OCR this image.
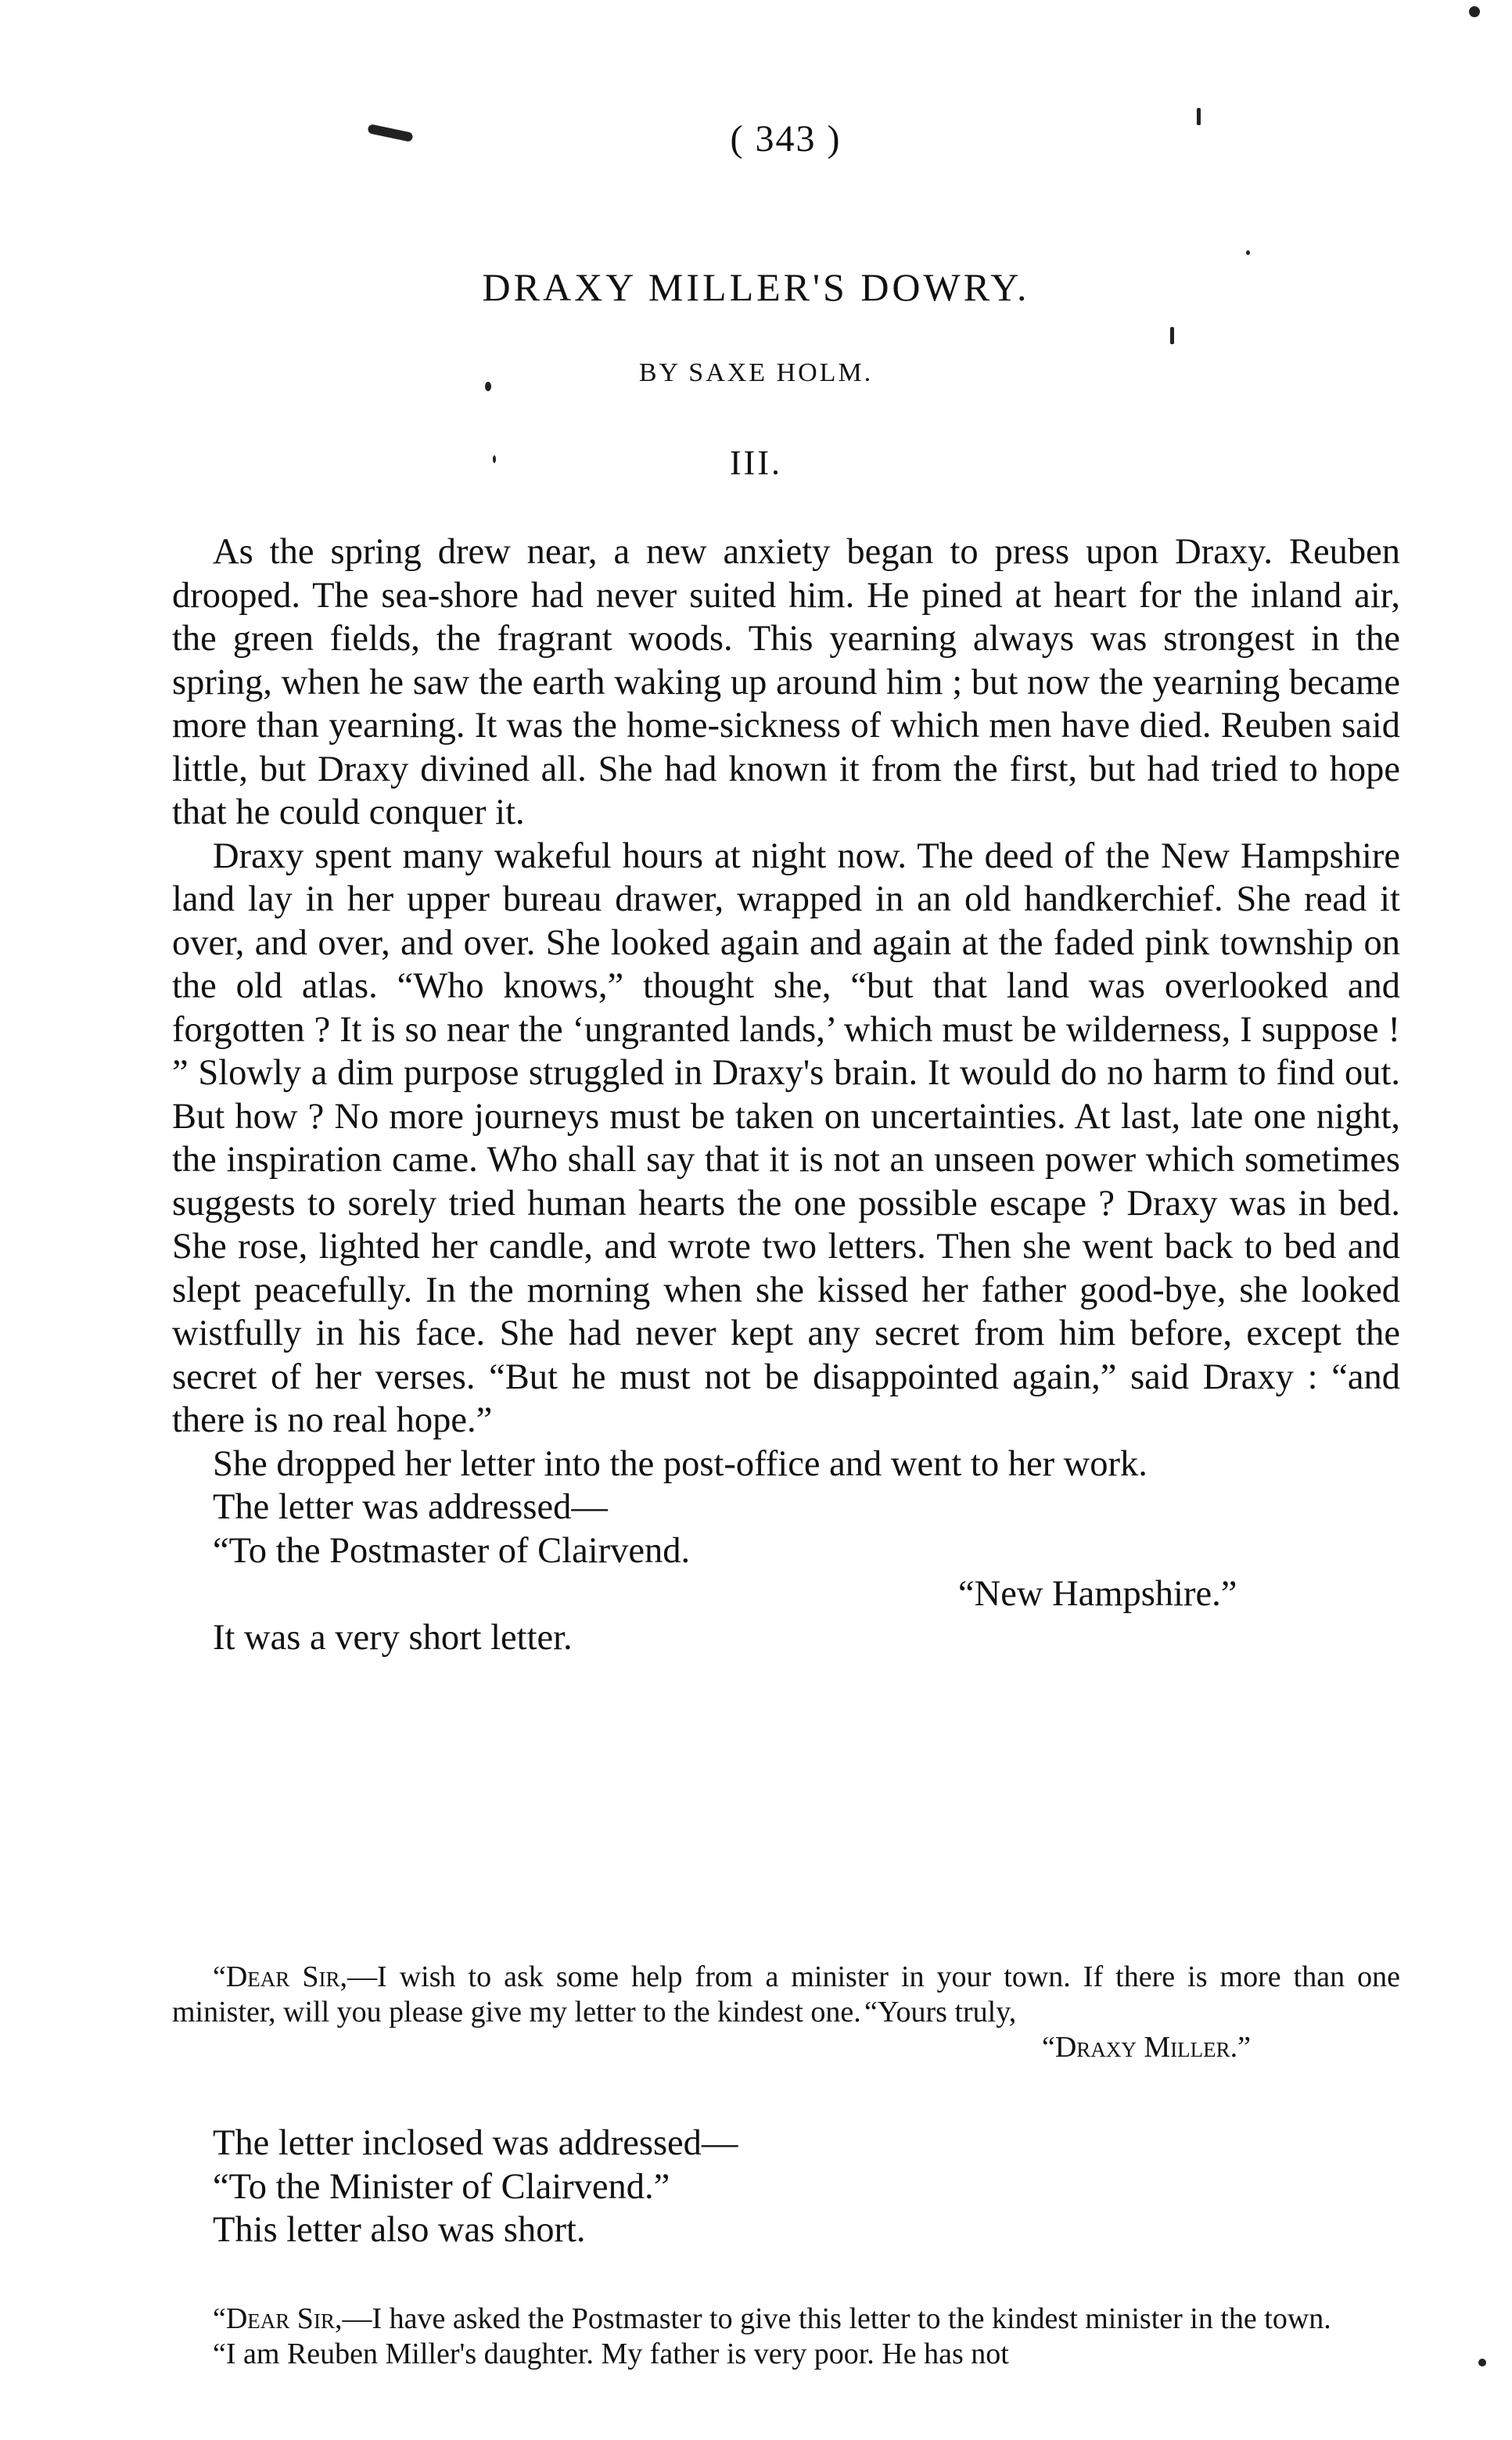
( 343 )
DRAXY MILLER'S DOWRY.
BY SAXE HOLM.
III.

As the spring drew near, a new anxiety began to press upon Draxy. Reuben drooped. The sea-shore had never suited him. He pined at heart for the inland air, the green fields, the fragrant woods. This yearning always was strongest in the spring, when he saw the earth waking up around him ; but now the yearning became more than yearning. It was the home-sickness of which men have died. Reuben said little, but Draxy divined all. She had known it from the first, but had tried to hope that he could conquer it.

Draxy spent many wakeful hours at night now. The deed of the New Hampshire land lay in her upper bureau drawer, wrapped in an old handkerchief. She read it over, and over, and over. She looked again and again at the faded pink township on the old atlas. “Who knows,” thought she, “but that land was overlooked and forgotten ? It is so near the ‘ungranted lands,’ which must be wilderness, I suppose ! ” Slowly a dim purpose struggled in Draxy's brain. It would do no harm to find out. But how ? No more journeys must be taken on uncertainties. At last, late one night, the inspiration came. Who shall say that it is not an unseen power which sometimes suggests to sorely tried human hearts the one possible escape ? Draxy was in bed. She rose, lighted her candle, and wrote two letters. Then she went back to bed and slept peacefully. In the morning when she kissed her father good-bye, she looked wistfully in his face. She had never kept any secret from him before, except the secret of her verses. “But he must not be disappointed again,” said Draxy : “and there is no real hope.”

She dropped her letter into the post-office and went to her work.

The letter was addressed—

“To the Postmaster of Clairvend.

“New Hampshire.”

It was a very short letter.

“Dear Sir,—I wish to ask some help from a minister in your town. If there is more than one minister, will you please give my letter to the kindest one. “Yours truly,
“Draxy Miller.”

The letter inclosed was addressed—

“To the Minister of Clairvend.”

This letter also was short.

“Dear Sir,—I have asked the Postmaster to give this letter to the kindest minister in the town.

“I am Reuben Miller's daughter. My father is very poor. He has not
